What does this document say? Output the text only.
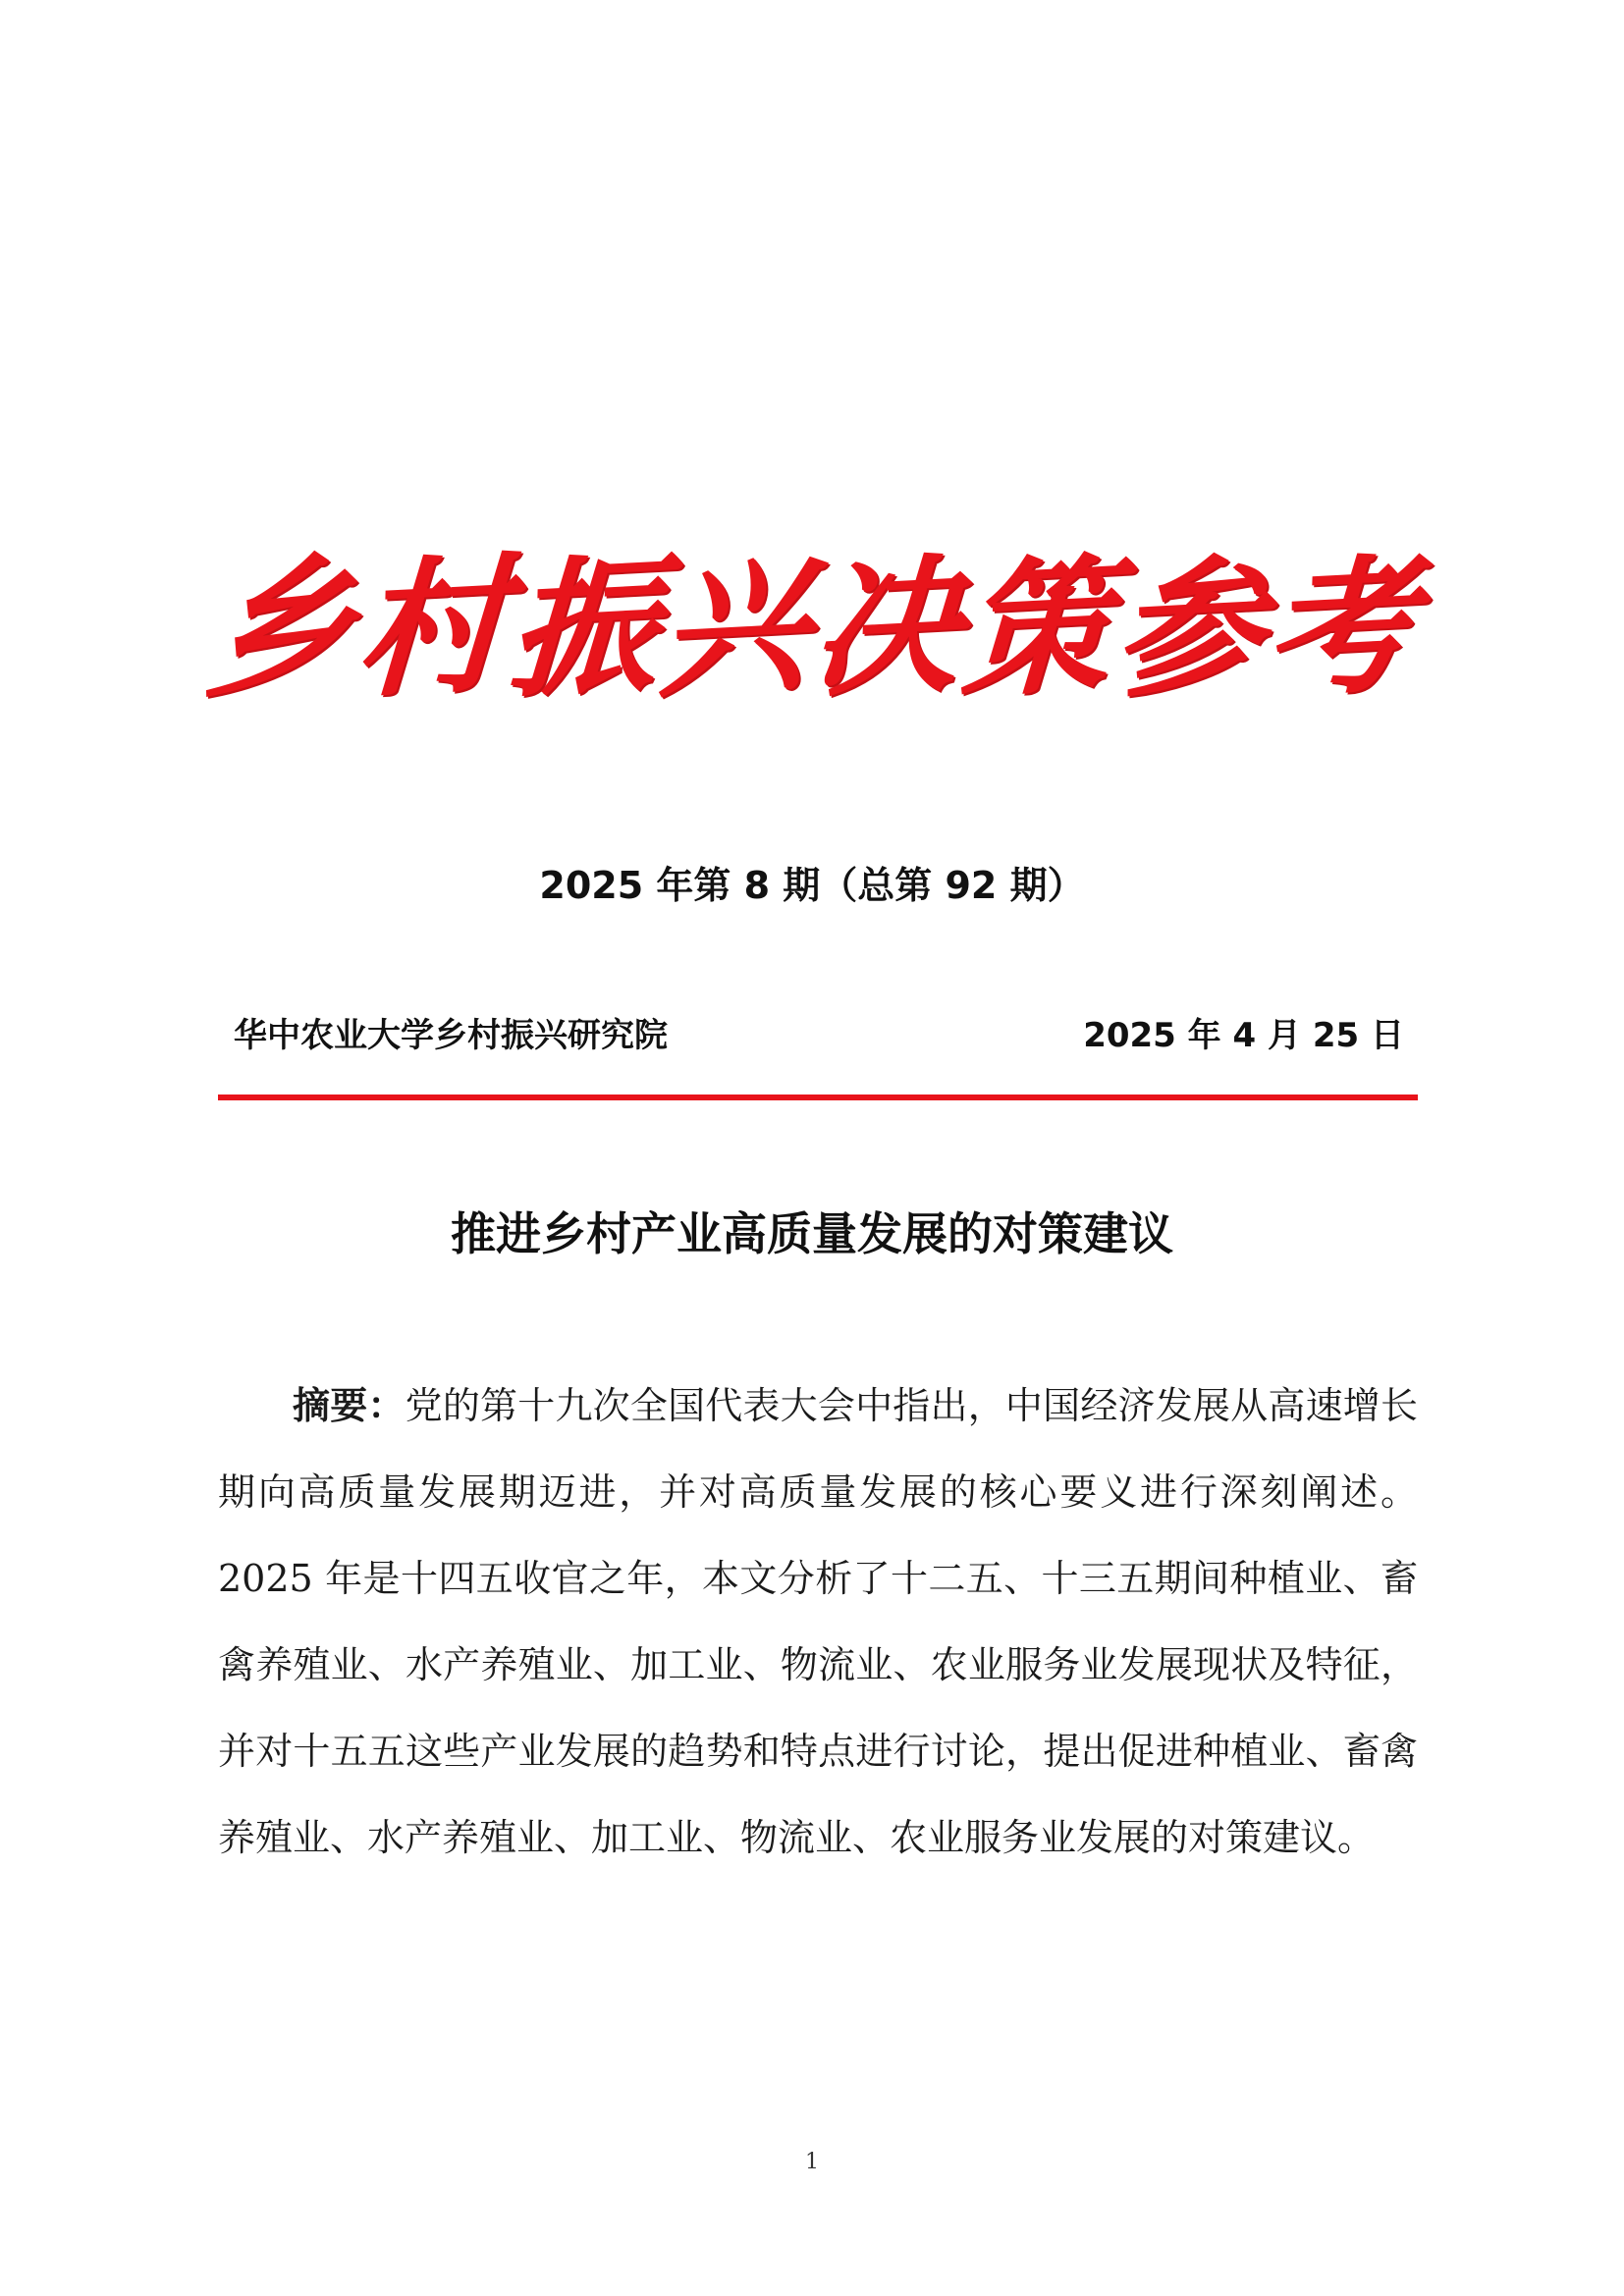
乡
村
振
兴
决
策
参
考

2025 年第 8 期（总第 92 期）

华中农业大学乡村振兴研究院	2025 年 4 月 25 日
推进乡村产业高质量发展的对策建议

摘要：党的第十九次全国代表大会中指出，中国经济发展从高速增长期向高质量发展期迈进，并对高质量发展的核心要义进行深刻阐述。2025 年是十四五收官之年，本文分析了十二五、十三五期间种植业、畜禽养殖业、水产养殖业、加工业、物流业、农业服务业发展现状及特征，并对十五五这些产业发展的趋势和特点进行讨论，提出促进种植业、畜禽养殖业、水产养殖业、加工业、物流业、农业服务业发展的对策建议。

1
